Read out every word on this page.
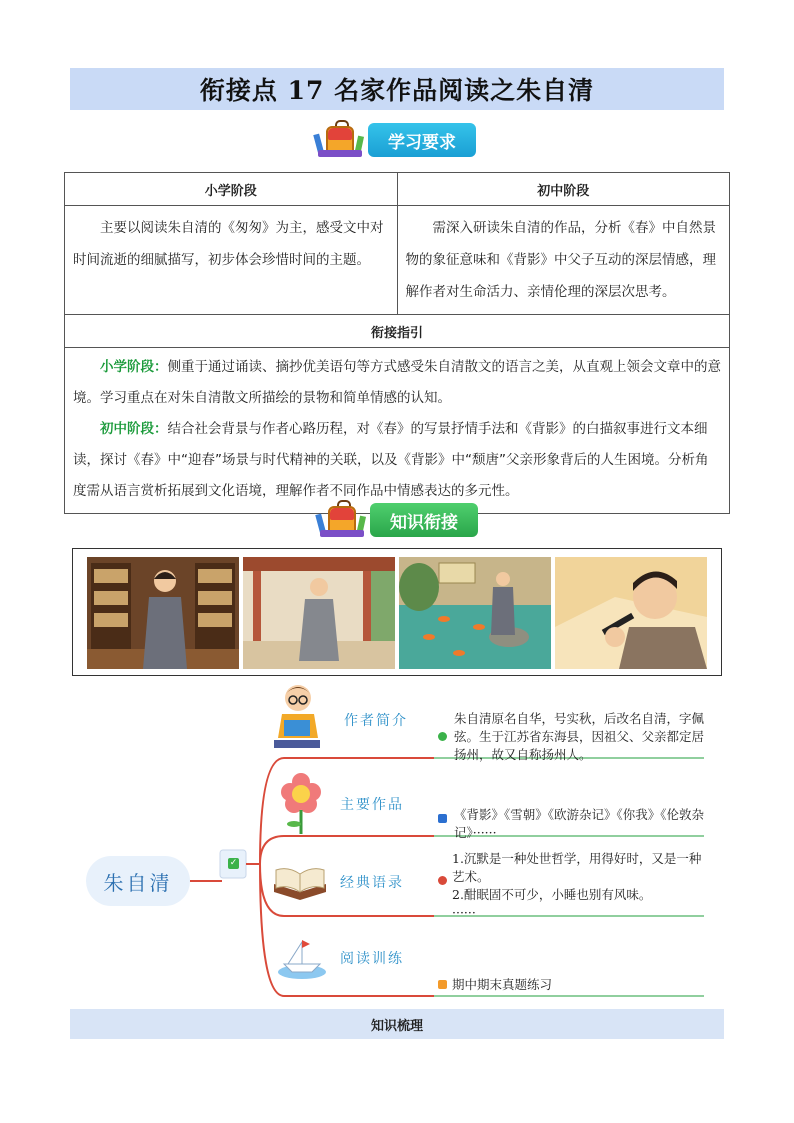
衔接点 17 名家作品阅读之朱自清
学习要求
小学阶段	初中阶段
主要以阅读朱自清的《匆匆》为主，感受文中对时间流逝的细腻描写，初步体会珍惜时间的主题。	需深入研读朱自清的作品，分析《春》中自然景物的象征意味和《背影》中父子互动的深层情感，理解作者对生命活力、亲情伦理的深层次思考。
衔接指引	

小学阶段：侧重于通过诵读、摘抄优美语句等方式感受朱自清散文的语言之美，从直观上领会文章中的意境。学习重点在对朱自清散文所描绘的景物和简单情感的认知。

初中阶段：结合社会背景与作者心路历程，对《春》的写景抒情手法和《背影》的白描叙事进行文本细读，探讨《春》中“迎春”场景与时代精神的关联，以及《背影》中“颓唐”父亲形象背后的人生困境。分析角度需从语言赏析拓展到文化语境，理解作者不同作品中情感表达的多元性。	

知识衔接
✓
朱自清
作者简介
主要作品
经典语录
阅读训练
朱自清原名自华，号实秋，后改名自清，字佩弦。生于江苏省东海县，因祖父、父亲都定居扬州，故又自称扬州人。
《背影》《雪朝》《欧游杂记》《你我》《伦敦杂记》······
1.沉默是一种处世哲学，用得好时，又是一种艺术。
2.酣眠固不可少，小睡也别有风味。
······
期中期末真题练习
知识梳理
